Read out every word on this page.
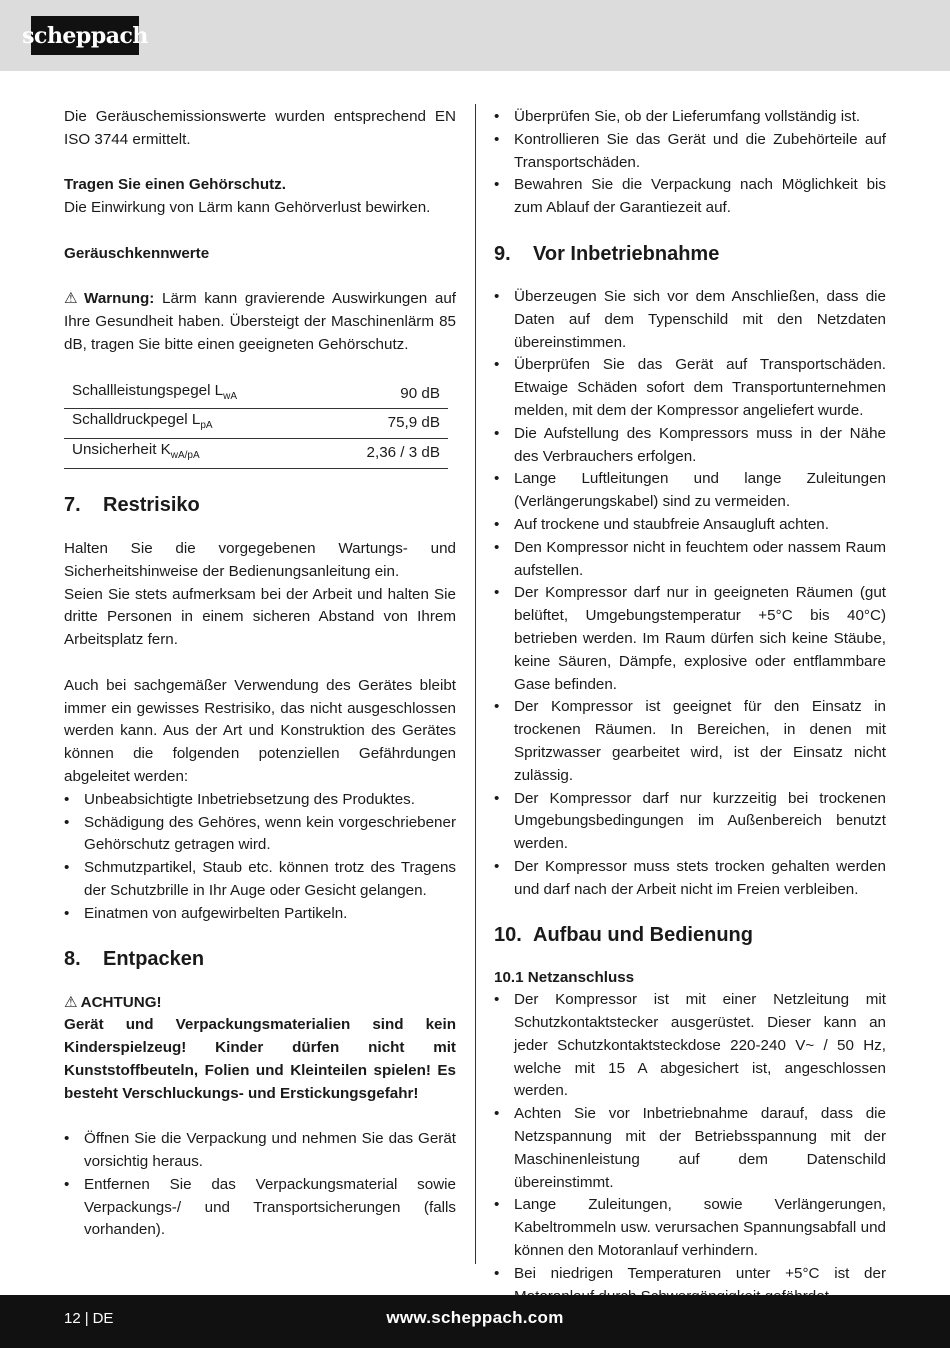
scheppach

Die Geräuschemissionswerte wurden entsprechend EN ISO 3744 ermittelt.

Tragen Sie einen Gehörschutz.

Die Einwirkung von Lärm kann Gehörverlust bewirken.

Geräuschkennwerte

⚠ Warnung: Lärm kann gravierende Auswirkungen auf Ihre Gesundheit haben. Übersteigt der Maschinenlärm 85 dB, tragen Sie bitte einen geeigneten Gehörschutz.

Schallleistungspegel $L_{wA}$	90 dB
Schalldruckpegel $L_{pA}$	75,9 dB
Unsicherheit $K_{wA/pA}$	2,36 / 3 dB
7.	Restrisiko

Halten Sie die vorgegebenen Wartungs- und Sicherheitshinweise der Bedienungsanleitung ein.

Seien Sie stets aufmerksam bei der Arbeit und halten Sie dritte Personen in einem sicheren Abstand von Ihrem Arbeitsplatz fern.

Auch bei sachgemäßer Verwendung des Gerätes bleibt immer ein gewisses Restrisiko, das nicht ausgeschlossen werden kann. Aus der Art und Konstruktion des Gerätes können die folgenden potenziellen Gefährdungen abgeleitet werden:

• Unbeabsichtigte Inbetriebsetzung des Produktes.
• Schädigung des Gehöres, wenn kein vorgeschriebener Gehörschutz getragen wird.
• Schmutzpartikel, Staub etc. können trotz des Tragens der Schutzbrille in Ihr Auge oder Gesicht gelangen.
• Einatmen von aufgewirbelten Partikeln.
8.	Entpacken

⚠ ACHTUNG!

Gerät und Verpackungsmaterialien sind kein Kinderspielzeug! Kinder dürfen nicht mit Kunststoffbeuteln, Folien und Kleinteilen spielen! Es besteht Verschluckungs- und Erstickungsgefahr!

• Öffnen Sie die Verpackung und nehmen Sie das Gerät vorsichtig heraus.
• Entfernen Sie das Verpackungsmaterial sowie Verpackungs-/ und Transportsicherungen (falls vorhanden).
• Überprüfen Sie, ob der Lieferumfang vollständig ist.
• Kontrollieren Sie das Gerät und die Zubehörteile auf Transportschäden.
• Bewahren Sie die Verpackung nach Möglichkeit bis zum Ablauf der Garantiezeit auf.
9.	Vor Inbetriebnahme
• Überzeugen Sie sich vor dem Anschließen, dass die Daten auf dem Typenschild mit den Netzdaten übereinstimmen.
• Überprüfen Sie das Gerät auf Transportschäden. Etwaige Schäden sofort dem Transportunternehmen melden, mit dem der Kompressor angeliefert wurde.
• Die Aufstellung des Kompressors muss in der Nähe des Verbrauchers erfolgen.
• Lange Luftleitungen und lange Zuleitungen (Verlängerungskabel) sind zu vermeiden.
• Auf trockene und staubfreie Ansaugluft achten.
• Den Kompressor nicht in feuchtem oder nassem Raum aufstellen.
• Der Kompressor darf nur in geeigneten Räumen (gut belüftet, Umgebungstemperatur +5°C bis 40°C) betrieben werden. Im Raum dürfen sich keine Stäube, keine Säuren, Dämpfe, explosive oder entflammbare Gase befinden.
• Der Kompressor ist geeignet für den Einsatz in trockenen Räumen. In Bereichen, in denen mit Spritzwasser gearbeitet wird, ist der Einsatz nicht zulässig.
• Der Kompressor darf nur kurzzeitig bei trockenen Umgebungsbedingungen im Außenbereich benutzt werden.
• Der Kompressor muss stets trocken gehalten werden und darf nach der Arbeit nicht im Freien verbleiben.
10. Aufbau und Bedienung
10.1 Netzanschluss
• Der Kompressor ist mit einer Netzleitung mit Schutzkontaktstecker ausgerüstet. Dieser kann an jeder Schutzkontaktsteckdose 220-240 V~ / 50 Hz, welche mit 15 A abgesichert ist, angeschlossen werden.
• Achten Sie vor Inbetriebnahme darauf, dass die Netzspannung mit der Betriebsspannung mit der Maschinenleistung auf dem Datenschild übereinstimmt.
• Lange Zuleitungen, sowie Verlängerungen, Kabeltrommeln usw. verursachen Spannungsabfall und können den Motoranlauf verhindern.
• Bei niedrigen Temperaturen unter +5°C ist der
12 | DE	www.scheppach.com
